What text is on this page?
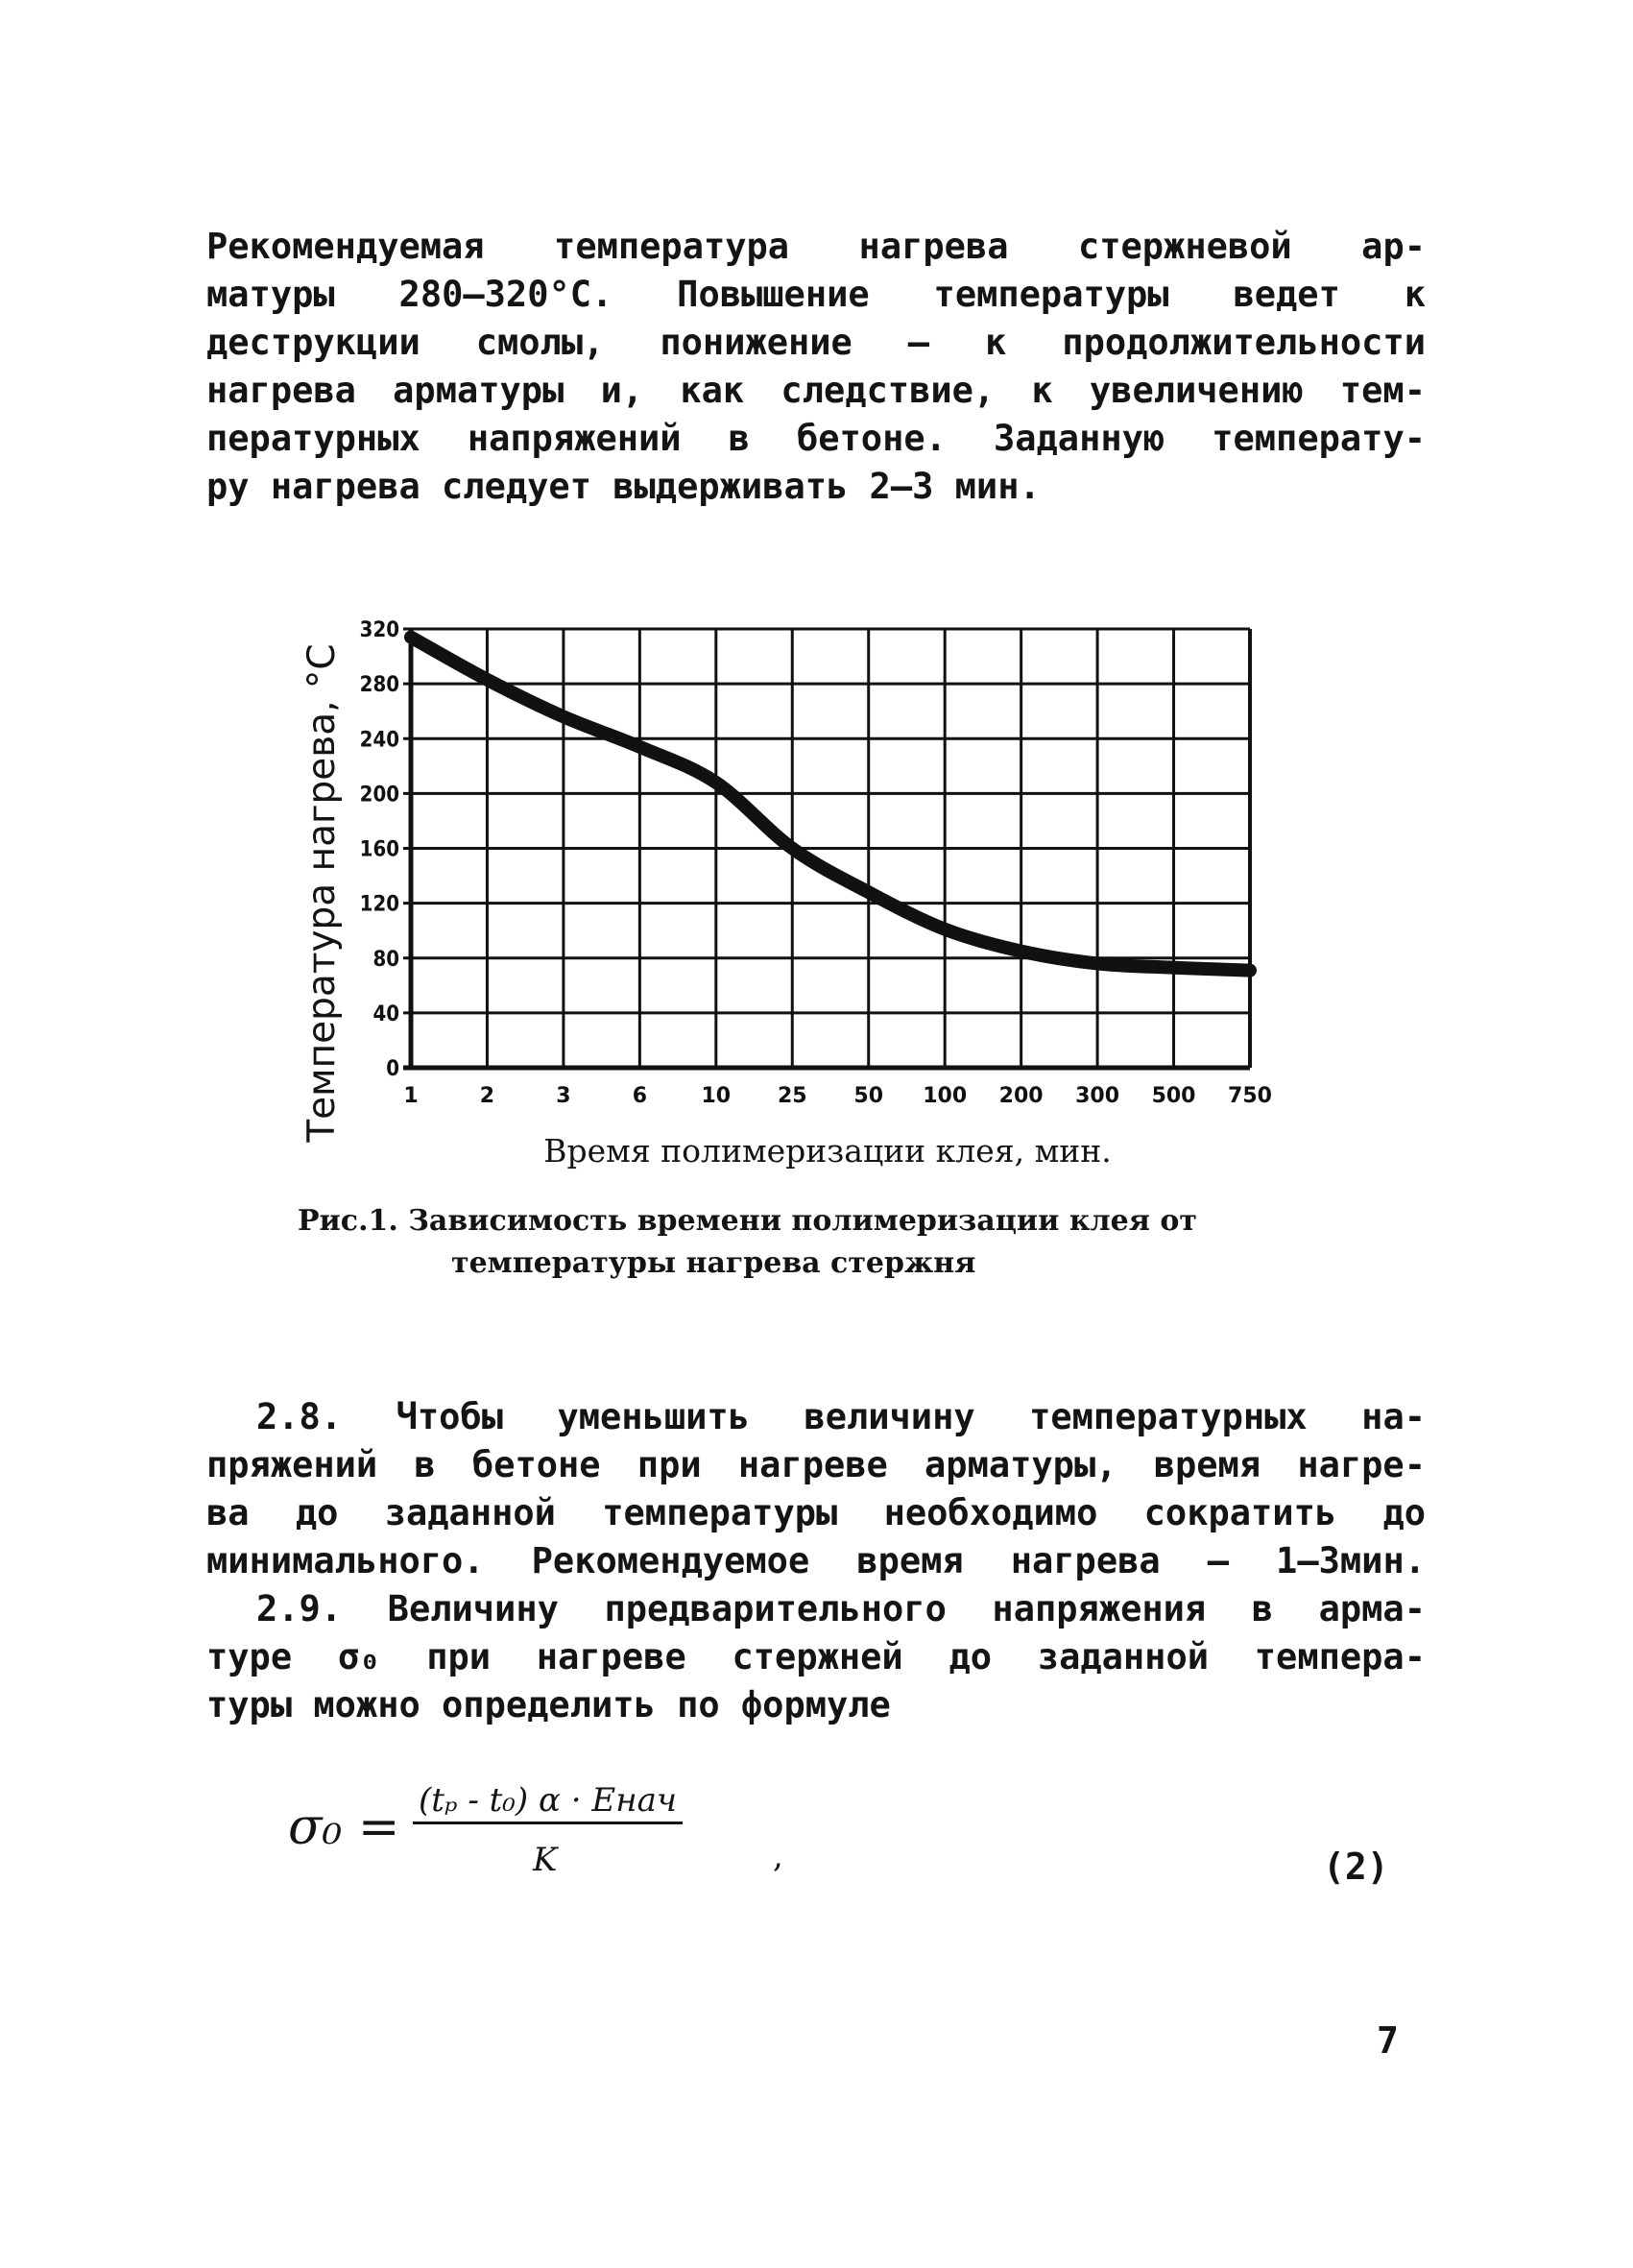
Рекомендуемая температура нагрева стержневой ар-
матуры 280–320°С. Повышение температуры ведет к
деструкции смолы, понижение – к продолжительности
нагрева арматуры и, как следствие, к увеличению тем-
пературных напряжений в бетоне. Заданную температу-
ру нагрева следует выдерживать 2–3 мин.
0
40
80
120
160
200
240
280
320
1	2	3	6	10 25 50 100 200 300 500 750
Температура нагрева, °С
Время полимеризации клея, мин.

Рис.1. Зависимость времени полимеризации клея от
температуры нагрева стержня

2.8. Чтобы уменьшить величину температурных на-
пряжений в бетоне при нагреве арматуры, время нагре-
ва до заданной температуры необходимо сократить до
минимального. Рекомендуемое время нагрева – 1–3мин.
2.9. Величину предварительного напряжения в арма-
туре σ₀ при нагреве стержней до заданной темпера-
туры можно определить по формуле
σ₀ = (tₚ - t₀) α · Eнач
K	,	(2)
7
